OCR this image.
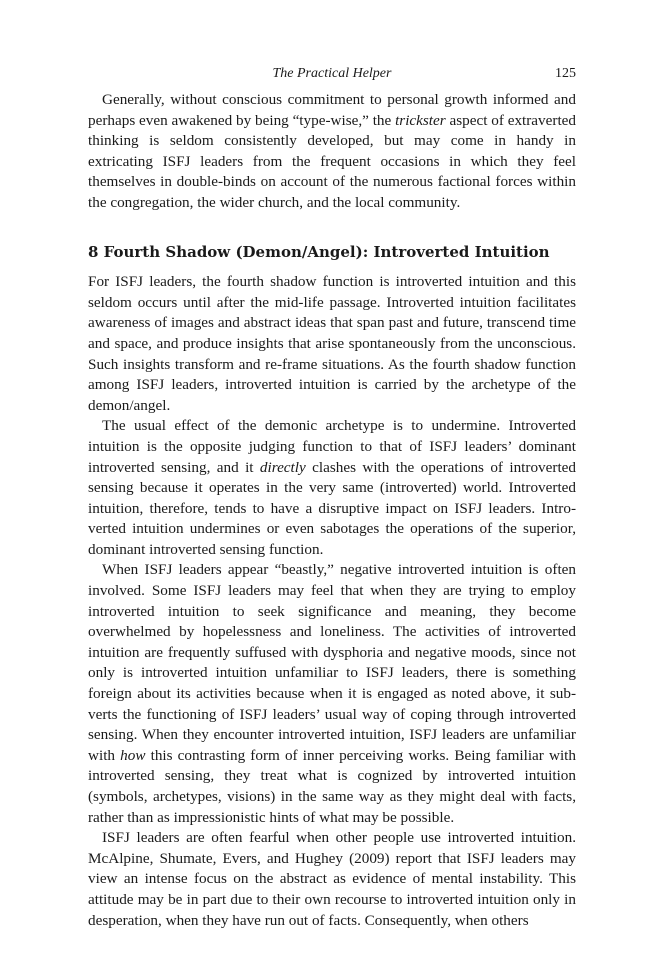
The Practical Helper	125

Generally, without conscious commitment to personal growth informed and perhaps even awakened by being “type-wise,” the trickster aspect of extraverted thinking is seldom consistently developed, but may come in handy in extricating ISFJ leaders from the frequent occasions in which they feel themselves in double-binds on account of the numerous factional forces within the congregation, the wider church, and the local community.

8 Fourth Shadow (Demon/Angel): Introverted Intuition

For ISFJ leaders, the fourth shadow function is introverted intuition and this seldom occurs until after the mid-life passage. Introverted intuition facilitates awareness of images and abstract ideas that span past and future, transcend time and space, and produce insights that arise spontaneously from the unconscious. Such insights transform and re-frame situations. As the fourth shadow function among ISFJ leaders, introverted intuition is carried by the archetype of the demon/angel.

The usual effect of the demonic archetype is to undermine. Introverted intuition is the opposite judging function to that of ISFJ leaders’ dominant introverted sensing, and it directly clashes with the operations of introverted sensing because it operates in the very same (introverted) world. Introverted intuition, therefore, tends to have a disruptive impact on ISFJ leaders. Introverted intuition undermines or even sabotages the operations of the superior, dominant introverted sensing function.

When ISFJ leaders appear “beastly,” negative introverted intuition is often involved. Some ISFJ leaders may feel that when they are trying to employ introverted intuition to seek significance and meaning, they become overwhelmed by hopelessness and loneliness. The activities of introverted intuition are frequently suffused with dysphoria and negative moods, since not only is introverted intuition unfamiliar to ISFJ leaders, there is something foreign about its activities because when it is engaged as noted above, it subverts the functioning of ISFJ leaders’ usual way of coping through introverted sensing. When they encounter introverted intuition, ISFJ leaders are unfamiliar with how this contrasting form of inner perceiving works. Being familiar with introverted sensing, they treat what is cognized by introverted intuition (symbols, archetypes, visions) in the same way as they might deal with facts, rather than as impressionistic hints of what may be possible.

ISFJ leaders are often fearful when other people use introverted intuition. McAlpine, Shumate, Evers, and Hughey (2009) report that ISFJ leaders may view an intense focus on the abstract as evidence of mental instability. This attitude may be in part due to their own recourse to introverted intuition only in desperation, when they have run out of facts. Consequently, when others
